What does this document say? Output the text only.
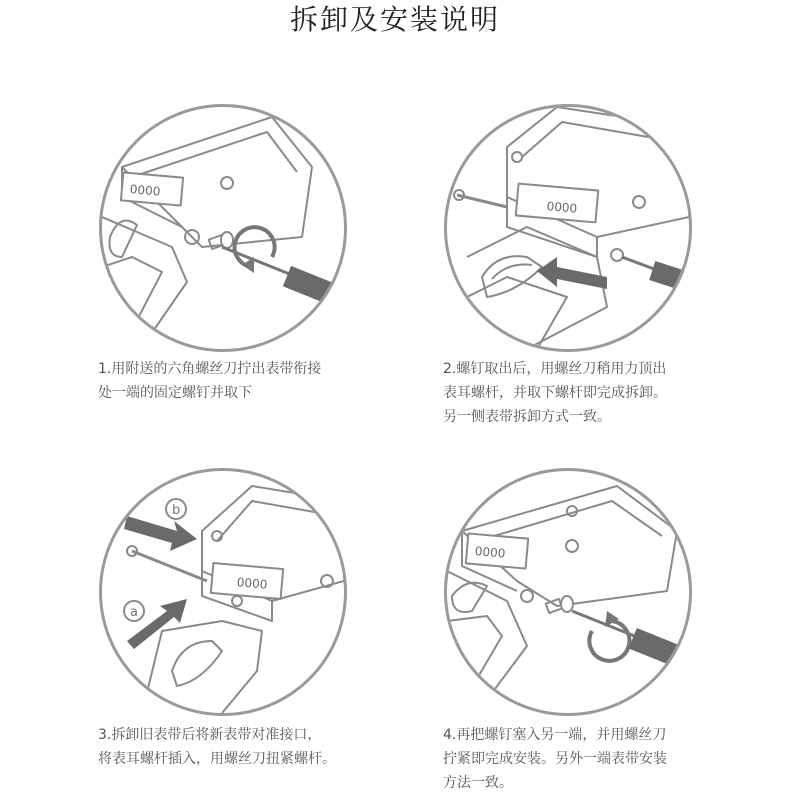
拆卸及安装说明
0000
1.用附送的六角螺丝刀拧出表带衔接
处一端的固定螺钉并取下
0000
2.螺钉取出后，用螺丝刀稍用力顶出
表耳螺杆，并取下螺杆即完成拆卸。
另一侧表带拆卸方式一致。
b
a
0000
3.拆卸旧表带后将新表带对准接口，
将表耳螺杆插入，用螺丝刀扭紧螺杆。
0000
4.再把螺钉塞入另一端，并用螺丝刀
拧紧即完成安装。另外一端表带安装
方法一致。
